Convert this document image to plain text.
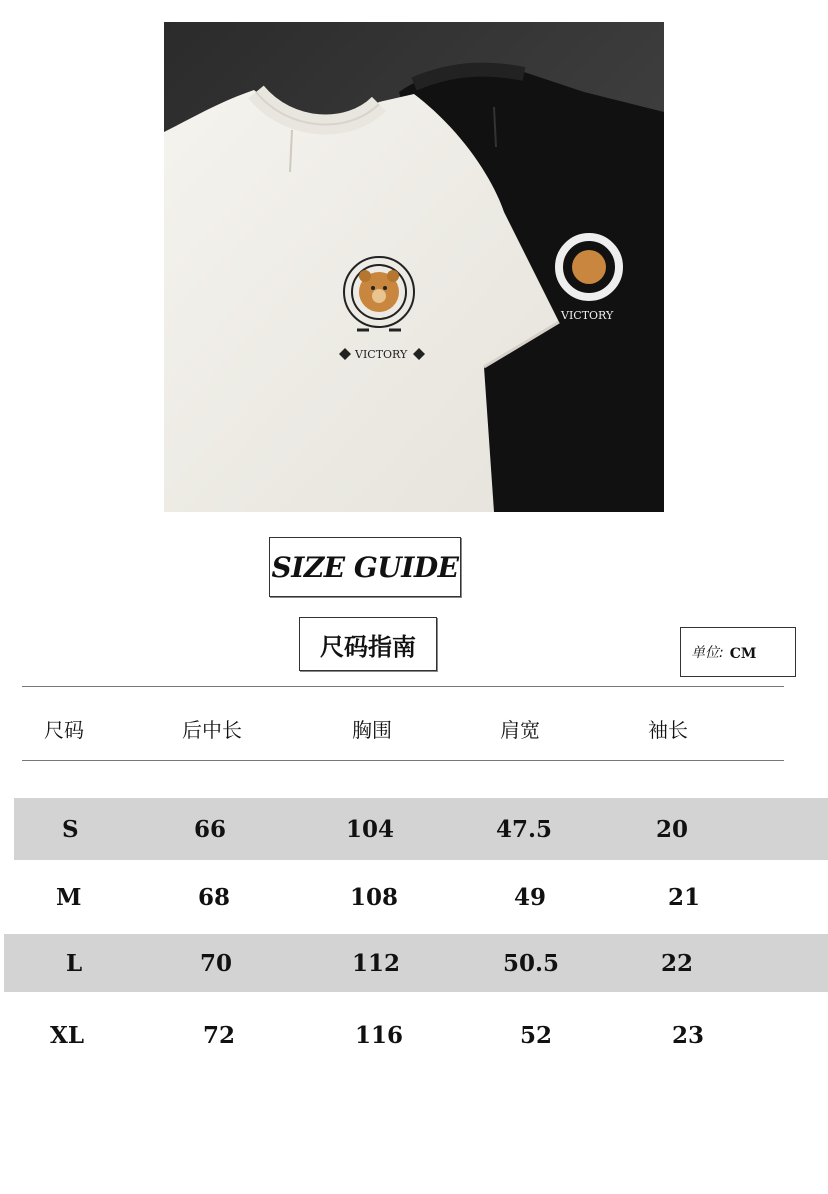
VICTORY
VICTORY
SIZE GUIDE
尺码指南	单位: CM
尺码	后中长	胸围	肩宽	袖长
S	66	104	47.5	20
M	68	108	49	21
L	70	112	50.5	22
XL	72	116	52	23
